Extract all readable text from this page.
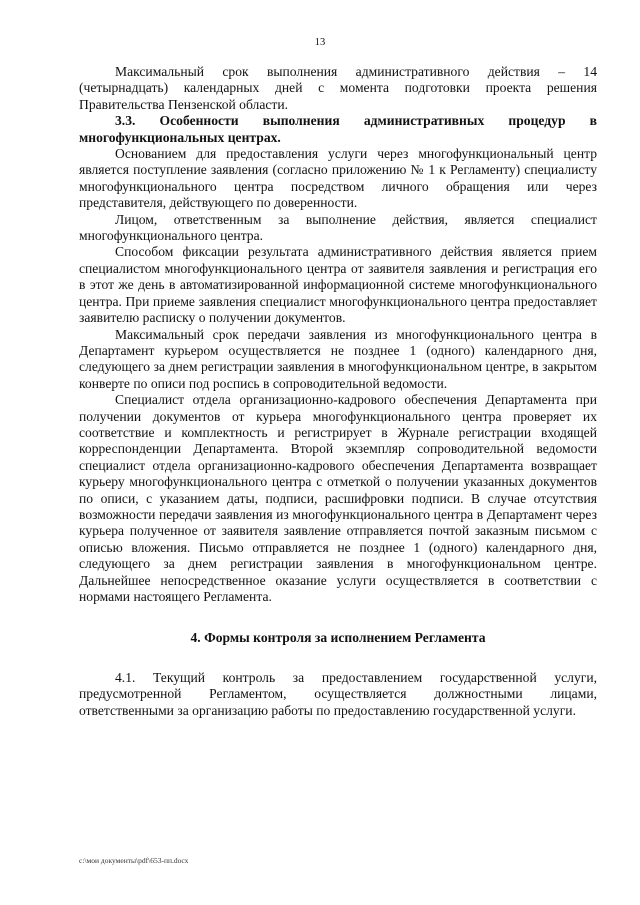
13

Максимальный срок выполнения административного действия – 14 (четырнадцать) календарных дней с момента подготовки проекта решения Правительства Пензенской области.

3.3. Особенности выполнения административных процедур в многофункциональных центрах.

Основанием для предоставления услуги через многофункциональный центр является поступление заявления (согласно приложению № 1 к Регламенту) специалисту многофункционального центра посредством личного обращения или через представителя, действующего по доверенности.

Лицом, ответственным за выполнение действия, является специалист многофункционального центра.

Способом фиксации результата административного действия является прием специалистом многофункционального центра от заявителя заявления и регистрация его в этот же день в автоматизированной информационной системе многофункционального центра. При приеме заявления специалист многофункционального центра предоставляет заявителю расписку о получении документов.

Максимальный срок передачи заявления из многофункционального центра в Департамент курьером осуществляется не позднее 1 (одного) календарного дня, следующего за днем регистрации заявления в многофункциональном центре, в закрытом конверте по описи под роспись в сопроводительной ведомости.

Специалист отдела организационно-кадрового обеспечения Департамента при получении документов от курьера многофункционального центра проверяет их соответствие и комплектность и регистрирует в Журнале регистрации входящей корреспонденции Департамента. Второй экземпляр сопроводительной ведомости специалист отдела организационно-кадрового обеспечения Департамента возвращает курьеру многофункционального центра с отметкой о получении указанных документов по описи, с указанием даты, подписи, расшифровки подписи. В случае отсутствия возможности передачи заявления из многофункционального центра в Департамент через курьера полученное от заявителя заявление отправляется почтой заказным письмом с описью вложения. Письмо отправляется не позднее 1 (одного) календарного дня, следующего за днем регистрации заявления в многофункциональном центре. Дальнейшее непосредственное оказание услуги осуществляется в соответствии с нормами настоящего Регламента.

4. Формы контроля за исполнением Регламента

4.1. Текущий контроль за предоставлением государственной услуги, предусмотренной Регламентом, осуществляется должностными лицами, ответственными за организацию работы по предоставлению государственной услуги.

c:\мои документы\pdf\653-пп.docx
